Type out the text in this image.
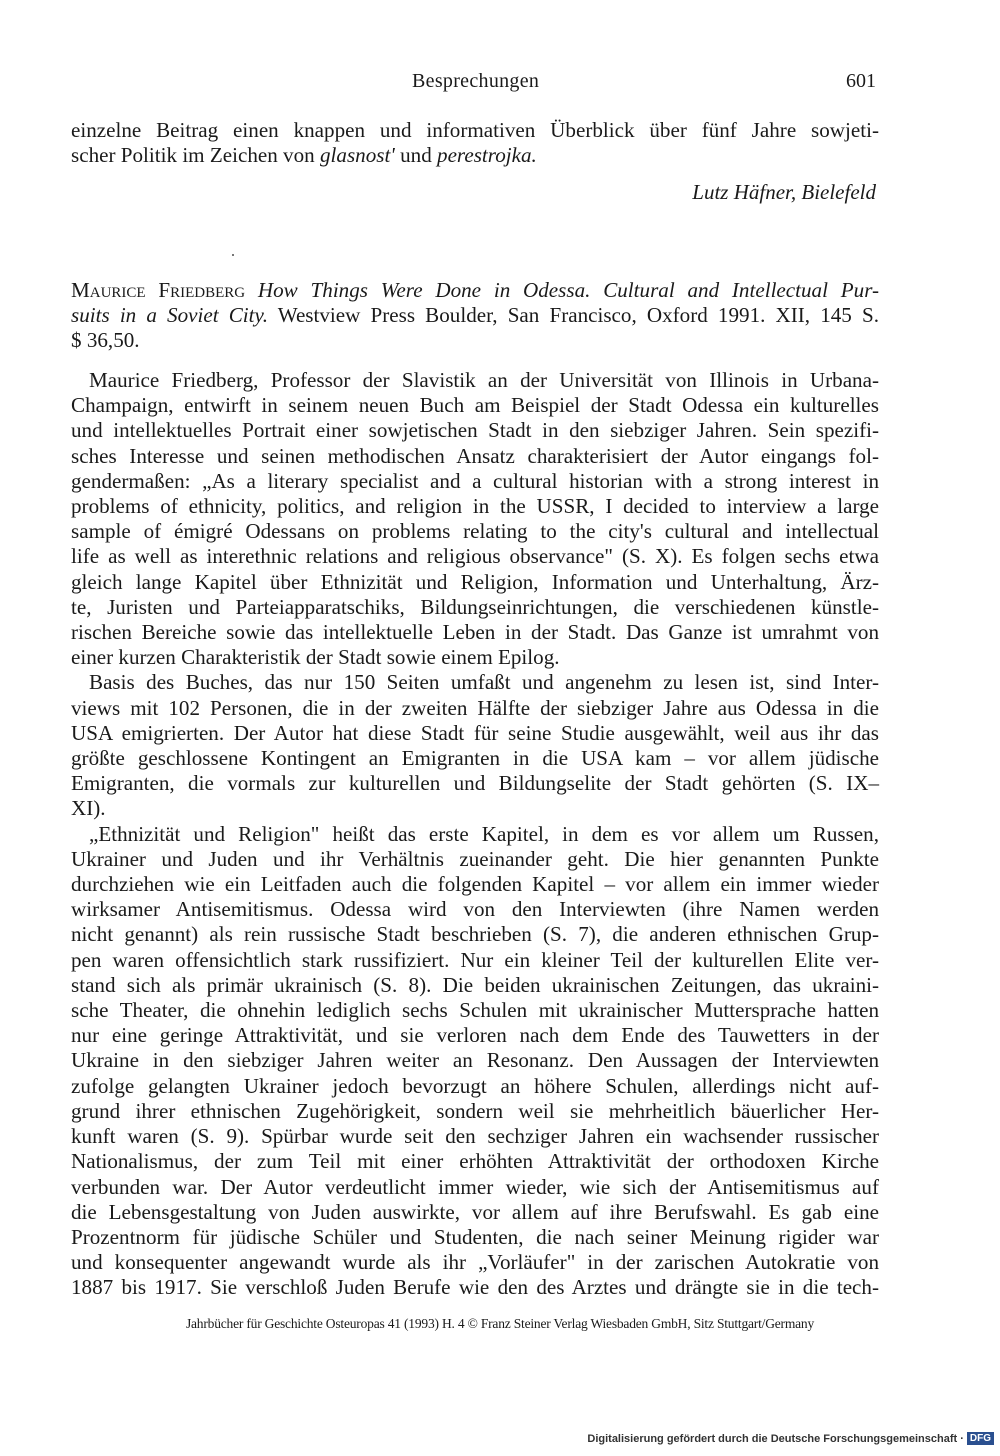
Besprechungen	601
einzelne Beitrag einen knappen und informativen Überblick über fünf Jahre sowjeti-
scher Politik im Zeichen von glasnost' und perestrojka.
Lutz Häfner, Bielefeld
Maurice Friedberg How Things Were Done in Odessa. Cultural and Intellectual Pur-
suits in a Soviet City. Westview Press Boulder, San Francisco, Oxford 1991. XII, 145 S.
$ 36,50.
Maurice Friedberg, Professor der Slavistik an der Universität von Illinois in Urbana-
Champaign, entwirft in seinem neuen Buch am Beispiel der Stadt Odessa ein kulturelles
und intellektuelles Portrait einer sowjetischen Stadt in den siebziger Jahren. Sein spezifi-
sches Interesse und seinen methodischen Ansatz charakterisiert der Autor eingangs fol-
gendermaßen: „As a literary specialist and a cultural historian with a strong interest in
problems of ethnicity, politics, and religion in the USSR, I decided to interview a large
sample of émigré Odessans on problems relating to the city's cultural and intellectual
life as well as interethnic relations and religious observance" (S. X). Es folgen sechs etwa
gleich lange Kapitel über Ethnizität und Religion, Information und Unterhaltung, Ärz-
te, Juristen und Parteiapparatschiks, Bildungseinrichtungen, die verschiedenen künstle-
rischen Bereiche sowie das intellektuelle Leben in der Stadt. Das Ganze ist umrahmt von
einer kurzen Charakteristik der Stadt sowie einem Epilog.
Basis des Buches, das nur 150 Seiten umfaßt und angenehm zu lesen ist, sind Inter-
views mit 102 Personen, die in der zweiten Hälfte der siebziger Jahre aus Odessa in die
USA emigrierten. Der Autor hat diese Stadt für seine Studie ausgewählt, weil aus ihr das
größte geschlossene Kontingent an Emigranten in die USA kam – vor allem jüdische
Emigranten, die vormals zur kulturellen und Bildungselite der Stadt gehörten (S. IX–
XI).
„Ethnizität und Religion" heißt das erste Kapitel, in dem es vor allem um Russen,
Ukrainer und Juden und ihr Verhältnis zueinander geht. Die hier genannten Punkte
durchziehen wie ein Leitfaden auch die folgenden Kapitel – vor allem ein immer wieder
wirksamer Antisemitismus. Odessa wird von den Interviewten (ihre Namen werden
nicht genannt) als rein russische Stadt beschrieben (S. 7), die anderen ethnischen Grup-
pen waren offensichtlich stark russifiziert. Nur ein kleiner Teil der kulturellen Elite ver-
stand sich als primär ukrainisch (S. 8). Die beiden ukrainischen Zeitungen, das ukraini-
sche Theater, die ohnehin lediglich sechs Schulen mit ukrainischer Muttersprache hatten
nur eine geringe Attraktivität, und sie verloren nach dem Ende des Tauwetters in der
Ukraine in den siebziger Jahren weiter an Resonanz. Den Aussagen der Interviewten
zufolge gelangten Ukrainer jedoch bevorzugt an höhere Schulen, allerdings nicht auf-
grund ihrer ethnischen Zugehörigkeit, sondern weil sie mehrheitlich bäuerlicher Her-
kunft waren (S. 9). Spürbar wurde seit den sechziger Jahren ein wachsender russischer
Nationalismus, der zum Teil mit einer erhöhten Attraktivität der orthodoxen Kirche
verbunden war. Der Autor verdeutlicht immer wieder, wie sich der Antisemitismus auf
die Lebensgestaltung von Juden auswirkte, vor allem auf ihre Berufswahl. Es gab eine
Prozentnorm für jüdische Schüler und Studenten, die nach seiner Meinung rigider war
und konsequenter angewandt wurde als ihr „Vorläufer" in der zarischen Autokratie von
1887 bis 1917. Sie verschloß Juden Berufe wie den des Arztes und drängte sie in die tech-
Jahrbücher für Geschichte Osteuropas 41 (1993) H. 4 © Franz Steiner Verlag Wiesbaden GmbH, Sitz Stuttgart/Germany
Digitalisierung gefördert durch die Deutsche Forschungsgemeinschaft · DFG
